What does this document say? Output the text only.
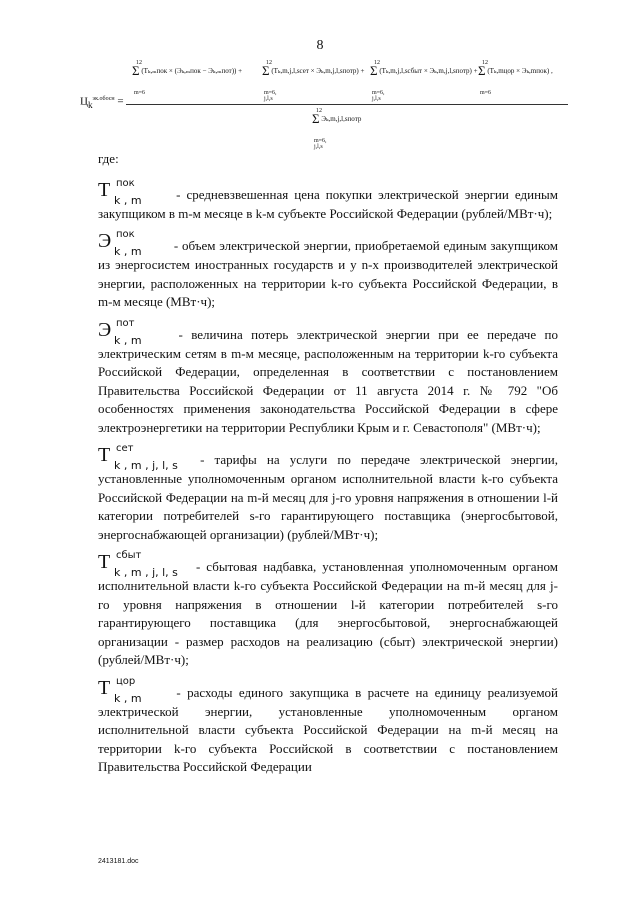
8
$Ц_k^{эк.обосн}$ =
12
Σ
m=6
(Тₖ,ₘпок × (Эₖ,ₘпок − Эₖ,ₘпот)) +
12
Σ
m=6,
j,l,s
(Тₖ,m,j,l,sсет × Эₖ,m,j,l,sпотр) +
12
Σ
m=6,
j,l,s
(Тₖ,m,j,l,sсбыт × Эₖ,m,j,l,sпотр) +
12
Σ
m=6
(Тₖ,mцор × Эₖ,mпок) ,
12
Σ
m=6,
j,l,s
Эₖ,m,j,l,sпотр
где:

Т пок
k , m	- средневзвешенная цена покупки электрической энергии единым закупщиком в m-м месяце в k-м субъекте Российской Федерации (рублей/МВт·ч);

Э пок
k , m - объем электрической энергии, приобретаемой единым закупщиком из энергосистем иностранных государств и у n-х производителей электрической энергии, расположенных на территории k-го субъекта Российской Федерации, в m-м месяце (МВт·ч);

Э пот
k , m	- величина потерь электрической энергии при ее передаче по электрическим сетям в m-м месяце, расположенным на территории k-го субъекта Российской Федерации, определенная в соответствии с постановлением Правительства Российской Федерации от 11 августа 2014 г. № 792 "Об особенностях применения законодательства Российской Федерации в сфере электроэнергетики на территории Республики Крым и г. Севастополя" (МВт·ч);

Т сет
k , m , j, l, s - тарифы на услуги по передаче электрической энергии, установленные уполномоченным органом исполнительной власти k-го субъекта Российской Федерации на m-й месяц для j-го уровня напряжения в отношении l-й категории потребителей s-го гарантирующего поставщика (энергосбытовой, энергоснабжающей организации) (рублей/МВт·ч);

Т сбыт
k , m , j, l, s - сбытовая надбавка, установленная уполномоченным органом исполнительной власти k-го субъекта Российской Федерации на m-й месяц для j-го уровня напряжения в отношении l-й категории потребителей s-го гарантирующего поставщика (для энергосбытовой, энергоснабжающей организации - размер расходов на реализацию (сбыт) электрической энергии) (рублей/МВт·ч);

Т цор
k , m	- расходы единого закупщика в расчете на единицу реализуемой электрической энергии, установленные уполномоченным органом исполнительной власти субъекта Российской Федерации на m-й месяц на территории k-го субъекта Российской в соответствии с постановлением Правительства Российской Федерации

2413181.doc
